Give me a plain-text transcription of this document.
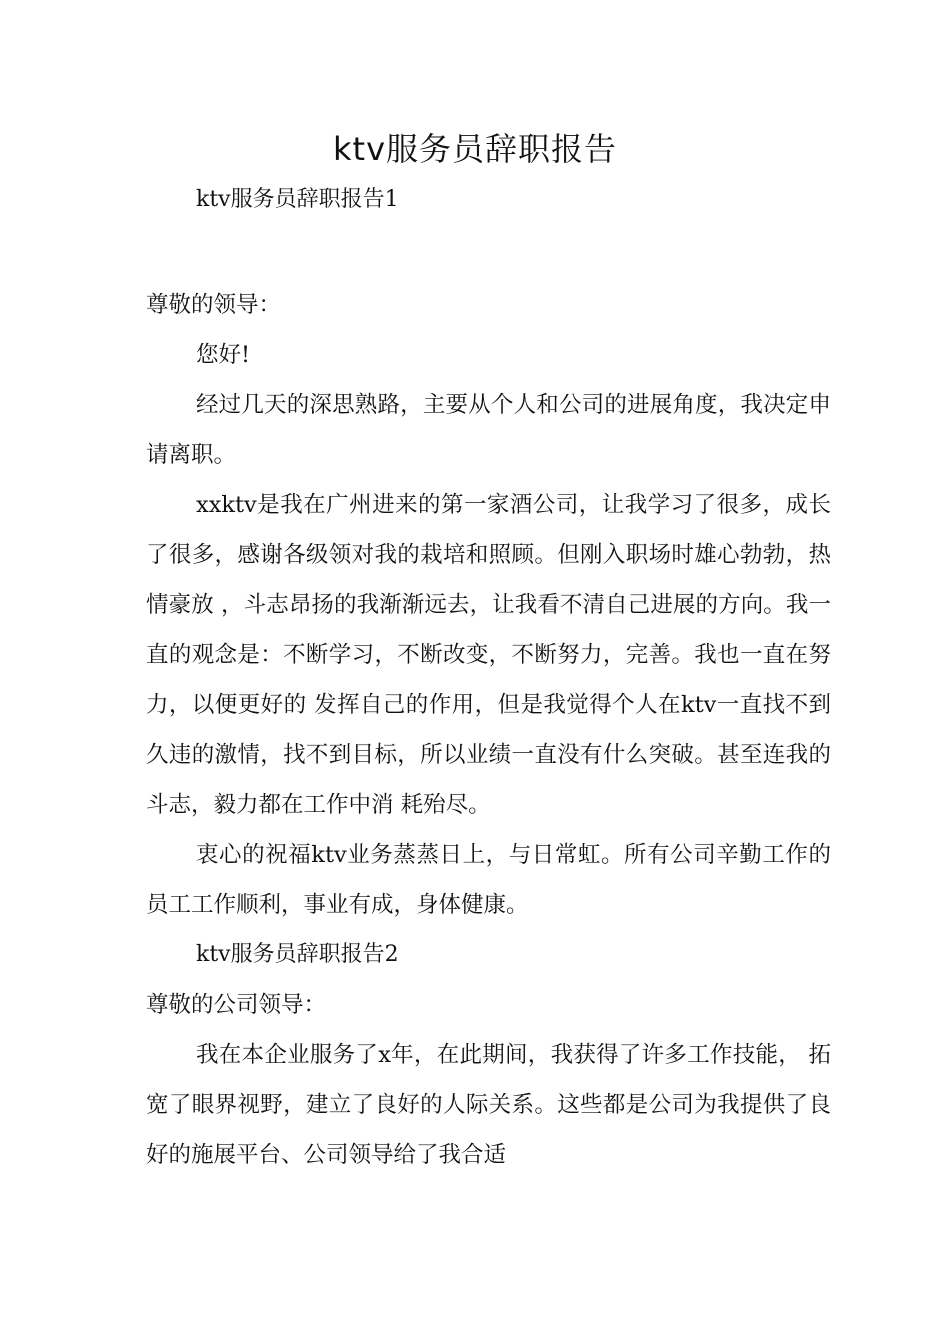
ktv服务员辞职报告
ktv服务员辞职报告1

尊敬的领导：

您好!

经过几天的深思熟路，主要从个人和公司的进展角度，我决定申请离职。

xxktv是我在广州进来的第一家酒公司，让我学习了很多，成长了很多，感谢各级领对我的栽培和照顾。但刚入职场时雄心勃勃，热情豪放 ，斗志昂扬的我渐渐远去，让我看不清自己进展的方向。我一直的观念是：不断学习，不断改变，不断努力，完善。我也一直在努力，以便更好的 发挥自己的作用，但是我觉得个人在ktv一直找不到久违的激情，找不到目标，所以业绩一直没有什么突破。甚至连我的斗志，毅力都在工作中消 耗殆尽。

衷心的祝福ktv业务蒸蒸日上，与日常虹。所有公司辛勤工作的员工工作顺利，事业有成，身体健康。

ktv服务员辞职报告2

尊敬的公司领导：

我在本企业服务了x年，在此期间，我获得了许多工作技能， 拓宽了眼界视野，建立了良好的人际关系。这些都是公司为我提供了良好的施展平台、公司领导给了我合适
